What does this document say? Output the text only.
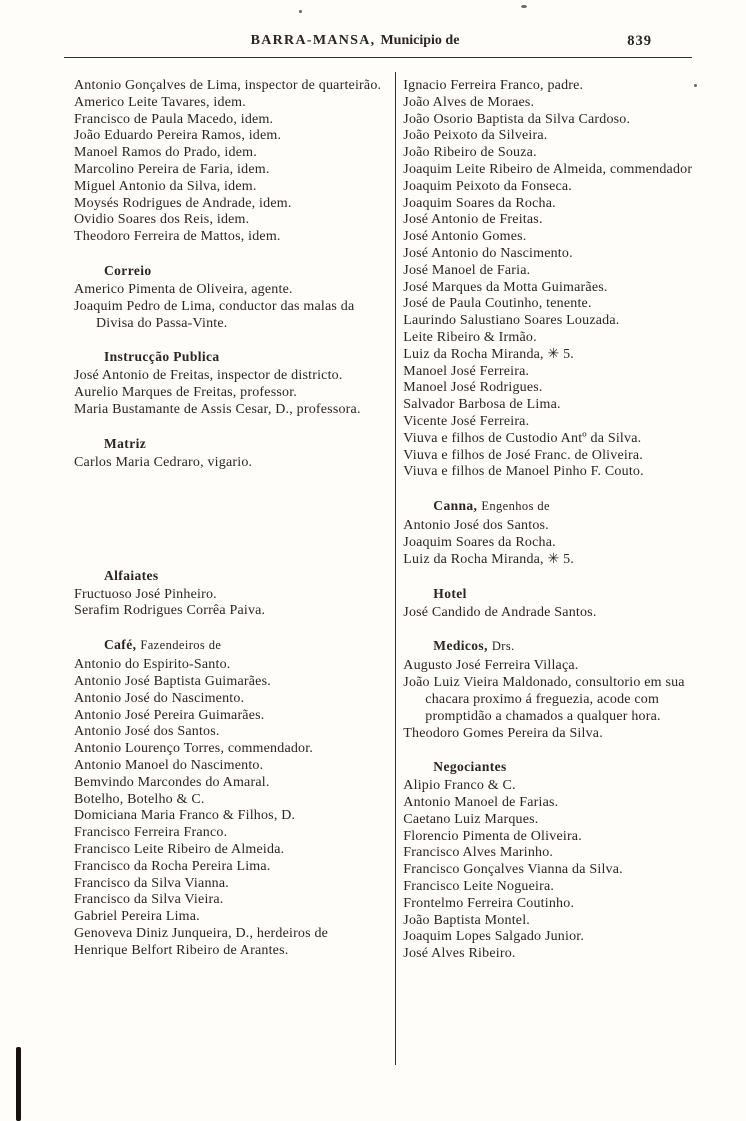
BARRA-MANSA, Municipio de	839

Antonio Gonçalves de Lima, inspector de quarteirão.

Americo Leite Tavares, idem.

Francisco de Paula Macedo, idem.

João Eduardo Pereira Ramos, idem.

Manoel Ramos do Prado, idem.

Marcolino Pereira de Faria, idem.

Miguel Antonio da Silva, idem.

Moysés Rodrigues de Andrade, idem.

Ovidio Soares dos Reis, idem.

Theodoro Ferreira de Mattos, idem.

Correio

Americo Pimenta de Oliveira, agente.

Joaquim Pedro de Lima, conductor das malas da Divisa do Passa-Vinte.

Instrucção Publica

José Antonio de Freitas, inspector de districto.

Aurelio Marques de Freitas, professor.

Maria Bustamante de Assis Cesar, D., professora.

Matriz

Carlos Maria Cedraro, vigario.

Alfaiates

Fructuoso José Pinheiro.

Serafim Rodrigues Corrêa Paiva.

Café, Fazendeiros de

Antonio do Espirito-Santo.

Antonio José Baptista Guimarães.

Antonio José do Nascimento.

Antonio José Pereira Guimarães.

Antonio José dos Santos.

Antonio Lourenço Torres, commendador.

Antonio Manoel do Nascimento.

Bemvindo Marcondes do Amaral.

Botelho, Botelho & C.

Domiciana Maria Franco & Filhos, D.

Francisco Ferreira Franco.

Francisco Leite Ribeiro de Almeida.

Francisco da Rocha Pereira Lima.

Francisco da Silva Vianna.

Francisco da Silva Vieira.

Gabriel Pereira Lima.

Genoveva Diniz Junqueira, D., herdeiros de

Henrique Belfort Ribeiro de Arantes.

Ignacio Ferreira Franco, padre.

João Alves de Moraes.

João Osorio Baptista da Silva Cardoso.

João Peixoto da Silveira.

João Ribeiro de Souza.

Joaquim Leite Ribeiro de Almeida, commendador

Joaquim Peixoto da Fonseca.

Joaquim Soares da Rocha.

José Antonio de Freitas.

José Antonio Gomes.

José Antonio do Nascimento.

José Manoel de Faria.

José Marques da Motta Guimarães.

José de Paula Coutinho, tenente.

Laurindo Salustiano Soares Louzada.

Leite Ribeiro & Irmão.

Luiz da Rocha Miranda, ✳ 5.

Manoel José Ferreira.

Manoel José Rodrigues.

Salvador Barbosa de Lima.

Vicente José Ferreira.

Viuva e filhos de Custodio Antº da Silva.

Viuva e filhos de José Franc. de Oliveira.

Viuva e filhos de Manoel Pinho F. Couto.

Canna, Engenhos de

Antonio José dos Santos.

Joaquim Soares da Rocha.

Luiz da Rocha Miranda, ✳ 5.

Hotel

José Candido de Andrade Santos.

Medicos, Drs.

Augusto José Ferreira Villaça.

João Luiz Vieira Maldonado, consultorio em sua chacara proximo á freguezia, acode com promptidão a chamados a qualquer hora.

Theodoro Gomes Pereira da Silva.

Negociantes

Alipio Franco & C.

Antonio Manoel de Farias.

Caetano Luiz Marques.

Florencio Pimenta de Oliveira.

Francisco Alves Marinho.

Francisco Gonçalves Vianna da Silva.

Francisco Leite Nogueira.

Frontelmo Ferreira Coutinho.

João Baptista Montel.

Joaquim Lopes Salgado Junior.

José Alves Ribeiro.
